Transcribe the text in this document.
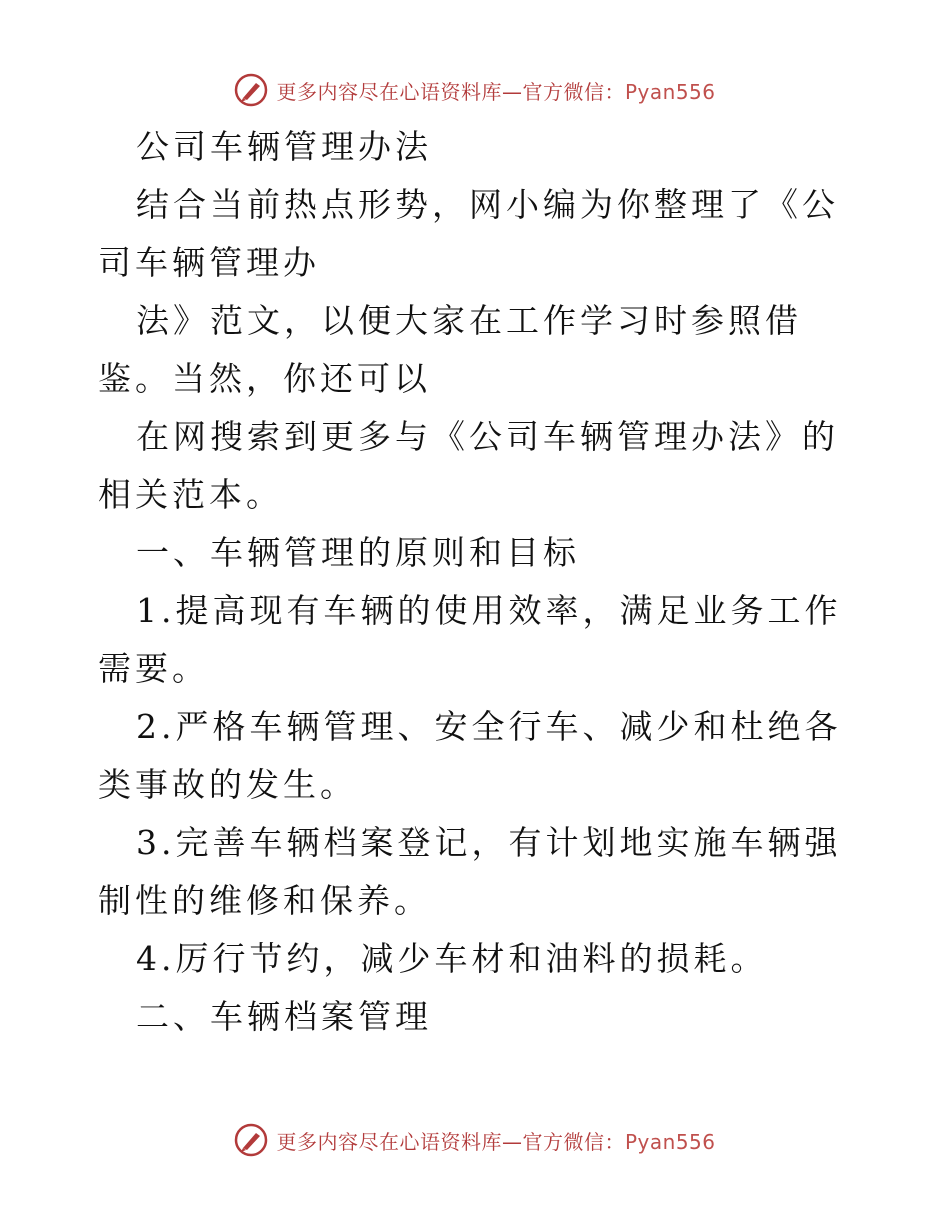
更多内容尽在心语资料库—官方微信：Pyan556

公司车辆管理办法

结合当前热点形势，网小编为你整理了《公司车辆管理办

法》范文，以便大家在工作学习时参照借鉴。当然，你还可以

在网搜索到更多与《公司车辆管理办法》的相关范本。

一、车辆管理的原则和目标

1.提高现有车辆的使用效率，满足业务工作需要。

2.严格车辆管理、安全行车、减少和杜绝各类事故的发生。

3.完善车辆档案登记，有计划地实施车辆强制性的维修和保养。

4.厉行节约，减少车材和油料的损耗。

二、车辆档案管理

更多内容尽在心语资料库—官方微信：Pyan556
